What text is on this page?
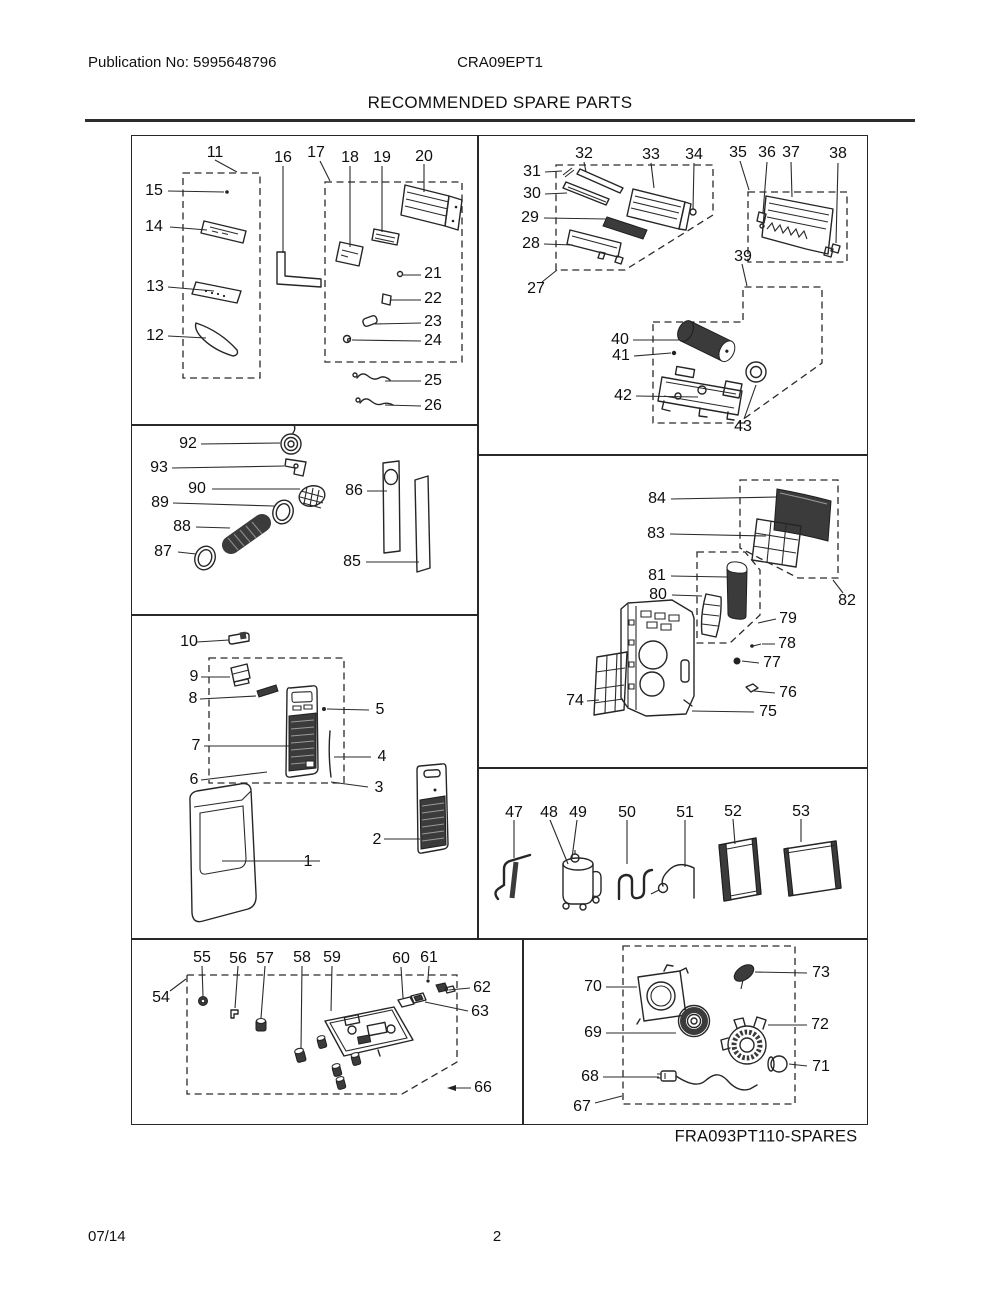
Publication No: 5995648796	CRA09EPT1
RECOMMENDED SPARE PARTS
11
15
14
13
12
16 17 18 19 20
21
22
23
24
25
26
31
30
29
28
27
32	33 34 35 36 37 38
39
40
41
42
43
92
93
90
89
88
87
86
85
84
83
81
80	82
79
78
77
76
74
75
10
9
8
7
6
5
4
3
2
1
47 48 49 50	51 52	53
54
55 56 57 58 59	60 61
62
63
66
70
69
68
67
73
72
71
FRA093PT110-SPARES
07/14	2
